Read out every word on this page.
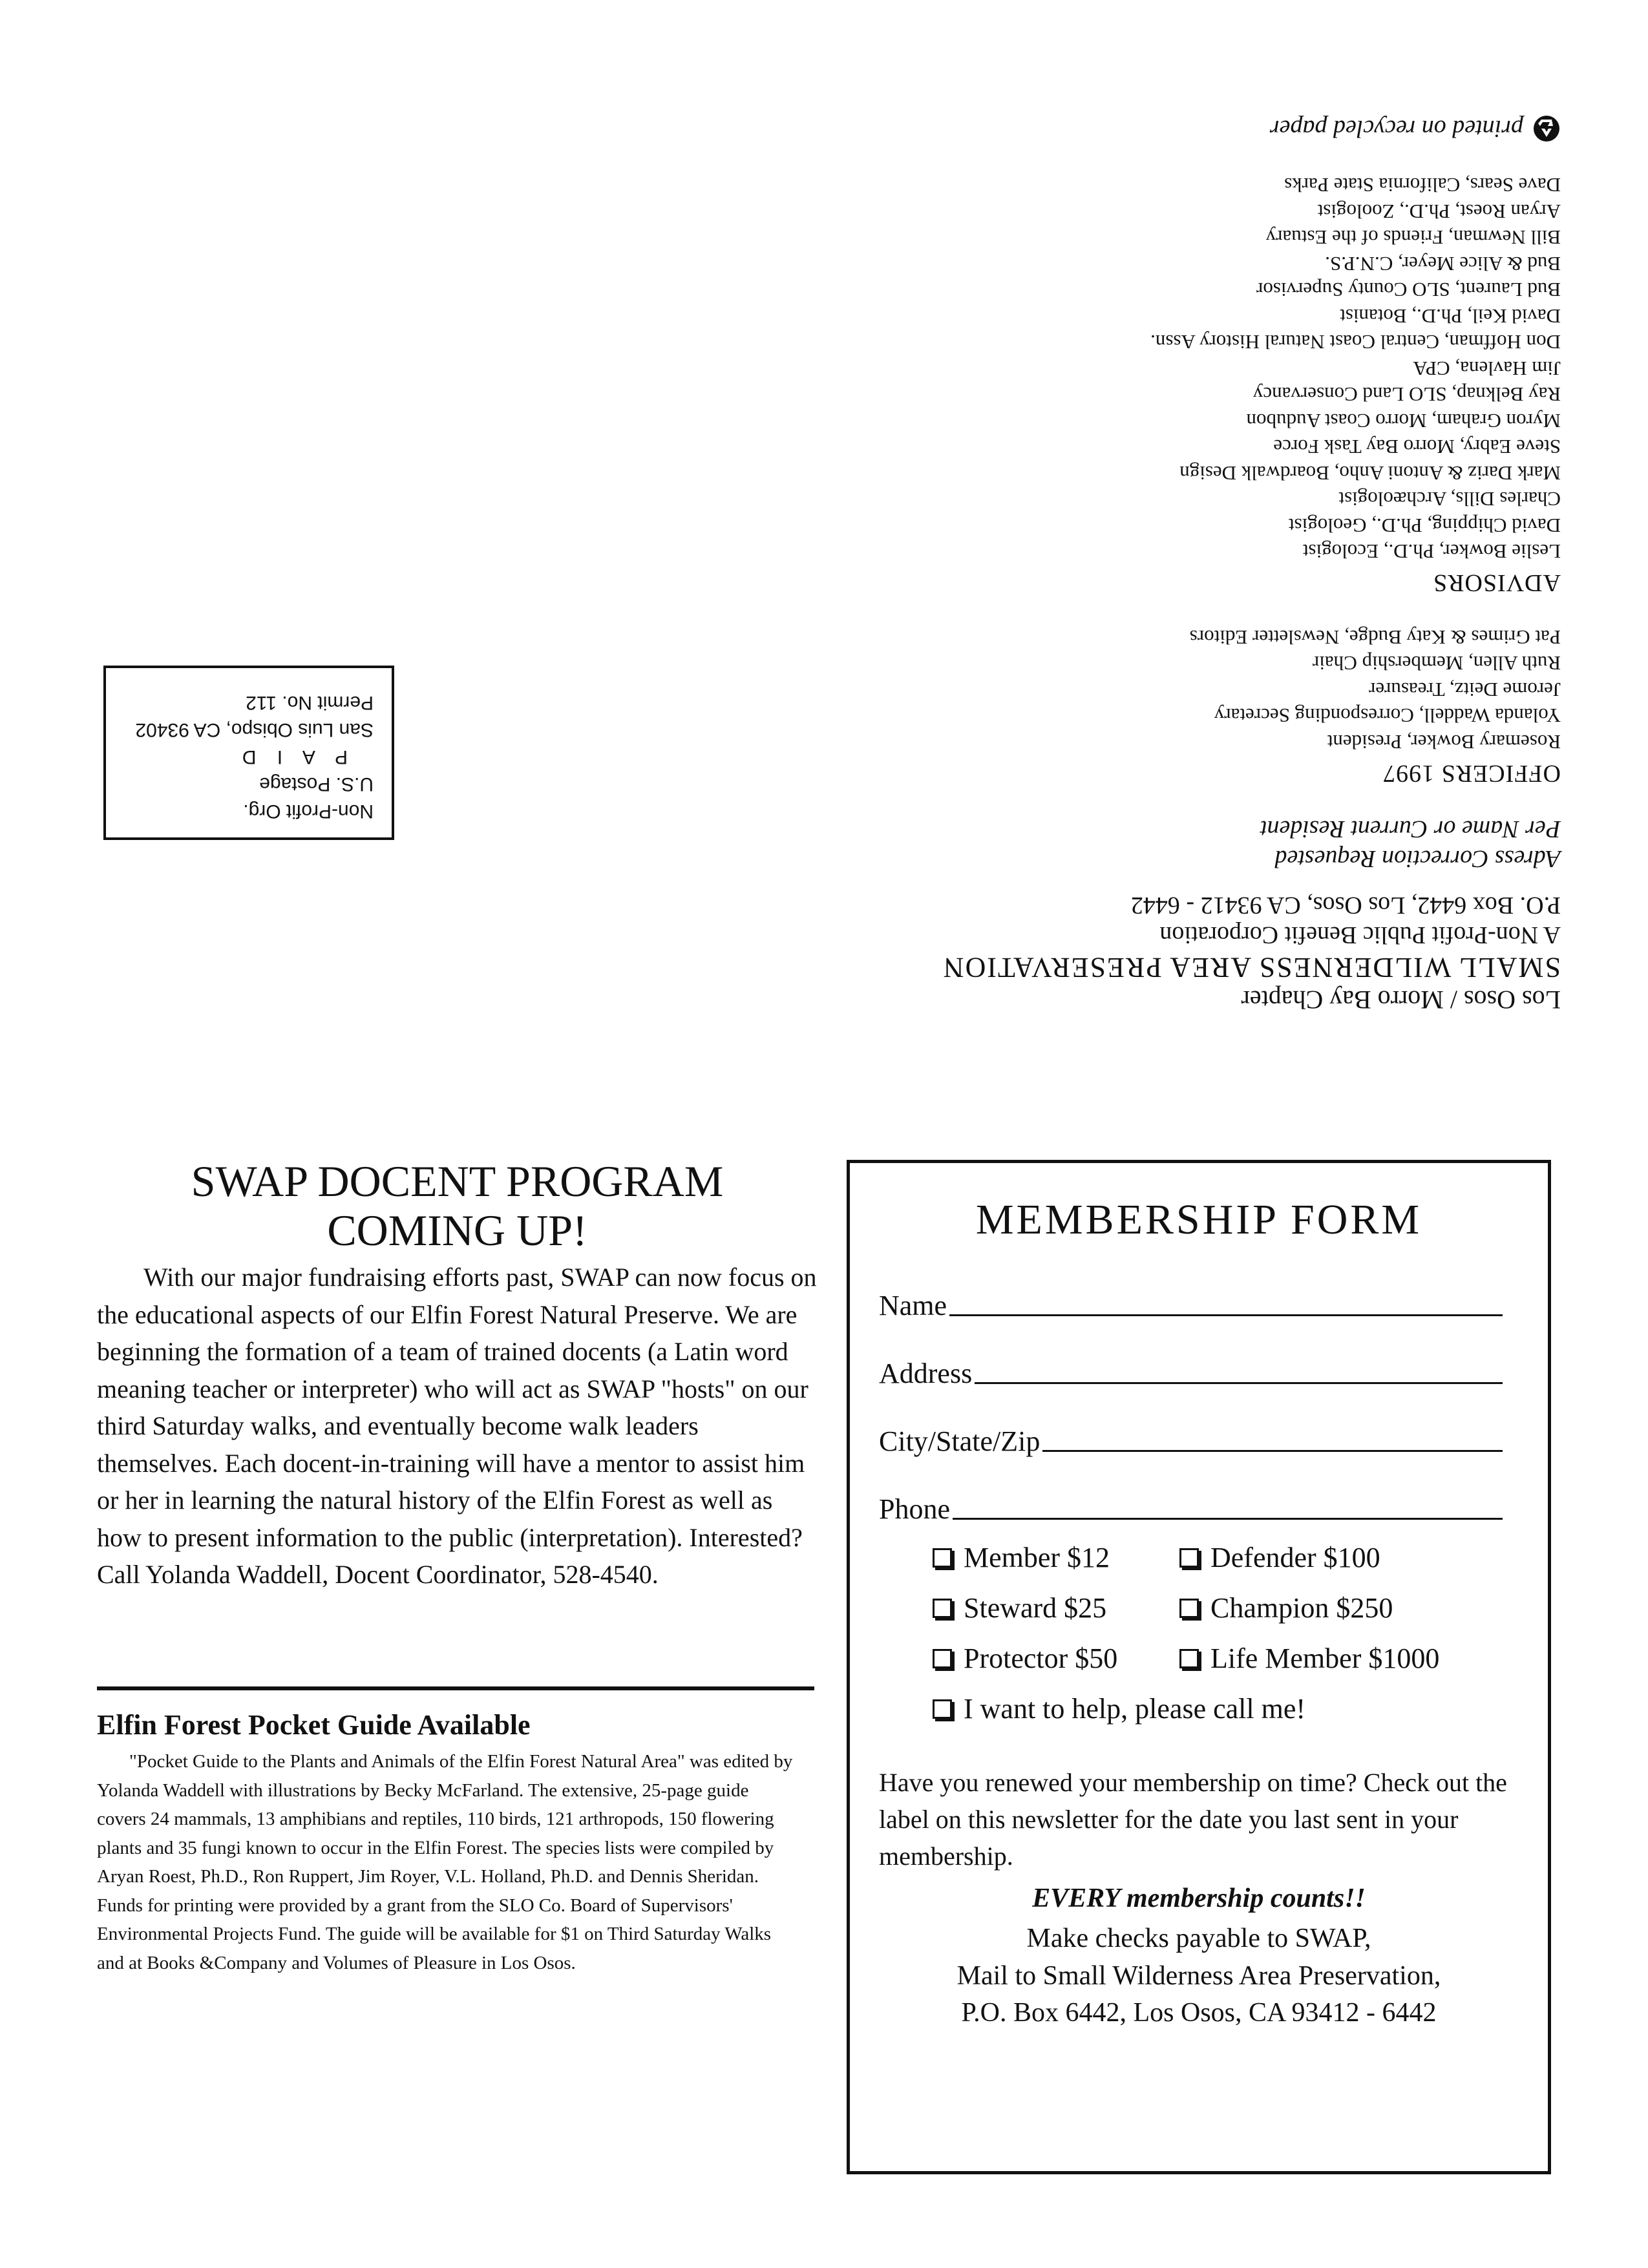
Los Osos / Morro Bay Chapter
SMALL WILDERNESS AREA PRESERVATION
A Non-Profit Public Benefit Corporation
P.O. Box 6442, Los Osos, CA 93412 - 6442
Adress Correction Requested
Per Name or Current Resident
OFFICERS 1997
Rosemary Bowker, President
Yolanda Waddell, Corresponding Secretary
Jerome Deitz, Treasurer
Ruth Allen, Membership Chair
Pat Grimes & Katy Budge, Newsletter Editors
ADVISORS
Leslie Bowker, Ph.D., Ecologist
David Chipping, Ph.D., Geologist
Charles Dills, Archæologist
Mark Dariz & Antoni Anho, Boardwalk Design
Steve Eabry, Morro Bay Task Force
Myron Graham, Morro Coast Audubon
Ray Belknap, SLO Land Conservancy
Jim Havlena, CPA
Don Hoffman, Central Coast Natural History Assn.
David Keil, Ph.D., Botanist
Bud Laurent, SLO County Supervisor
Bud & Alice Meyer, C.N.P.S.
Bill Newman, Friends of the Estuary
Aryan Roest, Ph.D., Zoologist
Dave Sears, California State Parks
printed on recycled paper
Non-Profit Org.
U.S. Postage
P A I D
San Luis Obispo, CA 93402
Permit No. 112
SWAP DOCENT PROGRAM
COMING UP!

With our major fundraising efforts past, SWAP can now focus on the educational aspects of our Elfin Forest Natural Preserve. We are beginning the formation of a team of trained docents (a Latin word meaning teacher or interpreter) who will act as SWAP "hosts" on our third Saturday walks, and eventually become walk leaders themselves. Each docent-in-training will have a mentor to assist him or her in learning the natural history of the Elfin Forest as well as how to present information to the public (interpretation). Interested? Call Yolanda Waddell, Docent Coordinator, 528-4540.

Elfin Forest Pocket Guide Available

"Pocket Guide to the Plants and Animals of the Elfin Forest Natural Area" was edited by Yolanda Waddell with illustrations by Becky McFarland. The extensive, 25-page guide covers 24 mammals, 13 amphibians and reptiles, 110 birds, 121 arthropods, 150 flowering plants and 35 fungi known to occur in the Elfin Forest. The species lists were compiled by Aryan Roest, Ph.D., Ron Ruppert, Jim Royer, V.L. Holland, Ph.D. and Dennis Sheridan. Funds for printing were provided by a grant from the SLO Co. Board of Supervisors' Environmental Projects Fund. The guide will be available for $1 on Third Saturday Walks and at Books &Company and Volumes of Pleasure in Los Osos.

MEMBERSHIP FORM
Name
Address
City/State/Zip
Phone
Member $12	Defender $100
Steward $25	Champion $250
Protector $50	Life Member $1000
I want to help, please call me!

Have you renewed your membership on time? Check out the label on this newsletter for the date you last sent in your membership.

EVERY membership counts!!
Make checks payable to SWAP,
Mail to Small Wilderness Area Preservation,
P.O. Box 6442, Los Osos, CA 93412 - 6442
